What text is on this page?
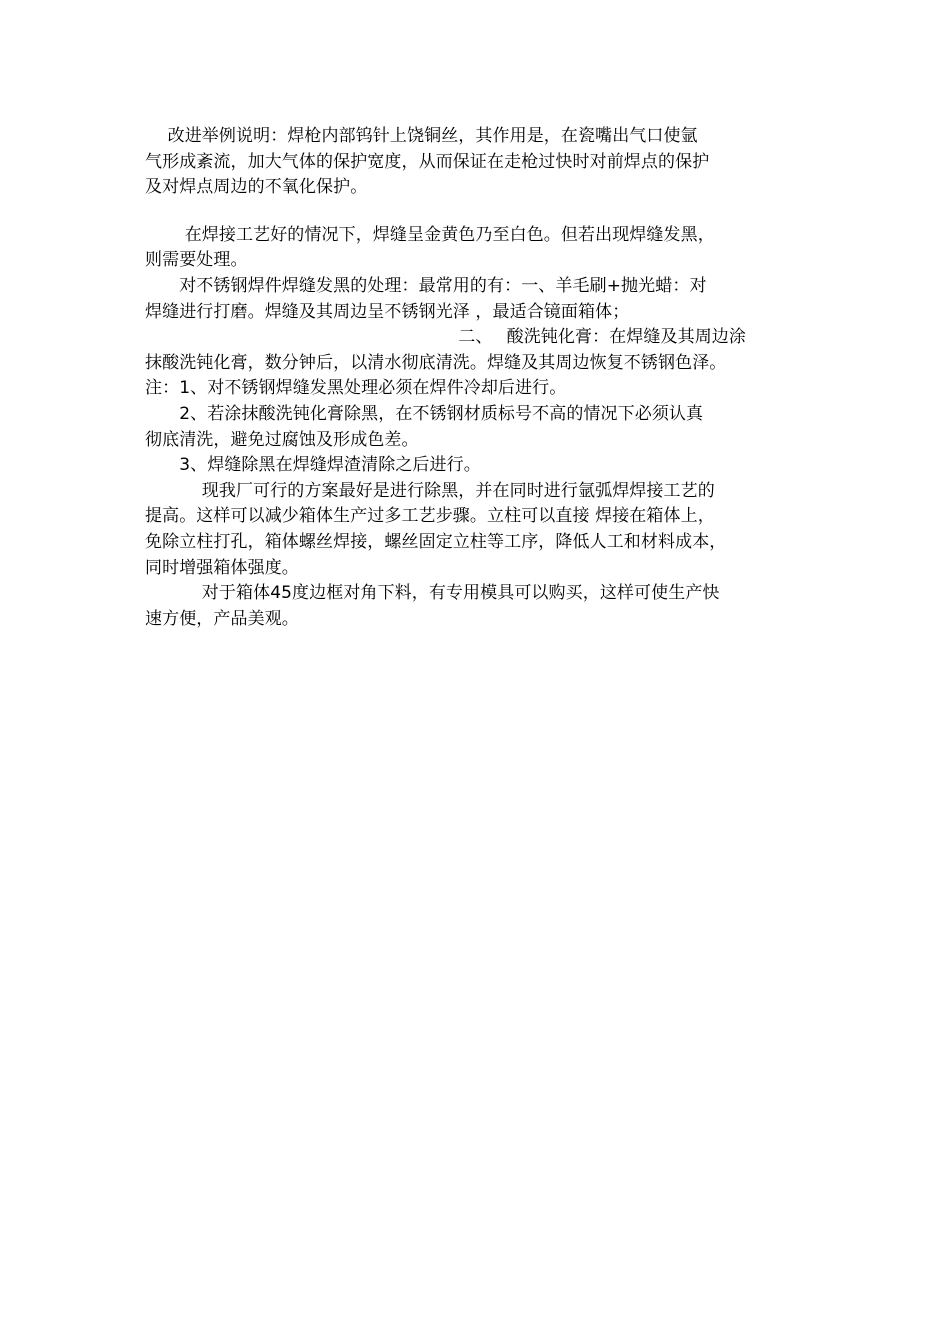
　 改进举例说明：焊枪内部钨针上饶铜丝，其作用是，在瓷嘴出气口使氩
气形成紊流，加大气体的保护宽度，从而保证在走枪过快时对前焊点的保护
及对焊点周边的不氧化保护。
　　 在焊接工艺好的情况下，焊缝呈金黄色乃至白色。但若出现焊缝发黑，
则需要处理。
　　对不锈钢焊件焊缝发黑的处理：最常用的有：一、羊毛刷+抛光蜡：对
焊缝进行打磨。焊缝及其周边呈不锈钢光泽 ，最适合镜面箱体；
　　　　　　　　　　　　　　　　　　 二、　 酸洗钝化膏：在焊缝及其周边涂
抹酸洗钝化膏，数分钟后，以清水彻底清洗。焊缝及其周边恢复不锈钢色泽。
注：1、对不锈钢焊缝发黑处理必须在焊件冷却后进行。
　　2、若涂抹酸洗钝化膏除黑，在不锈钢材质标号不高的情况下必须认真
彻底清洗，避免过腐蚀及形成色差。
　　3、焊缝除黑在焊缝焊渣清除之后进行。
　　　 现我厂可行的方案最好是进行除黑，并在同时进行氩弧焊焊接工艺的
提高。这样可以减少箱体生产过多工艺步骤。立柱可以直接 焊接在箱体上，
免除立柱打孔，箱体螺丝焊接，螺丝固定立柱等工序，降低人工和材料成本，
同时增强箱体强度。
　　　 对于箱体45度边框对角下料，有专用模具可以购买，这样可使生产快
速方便，产品美观。
